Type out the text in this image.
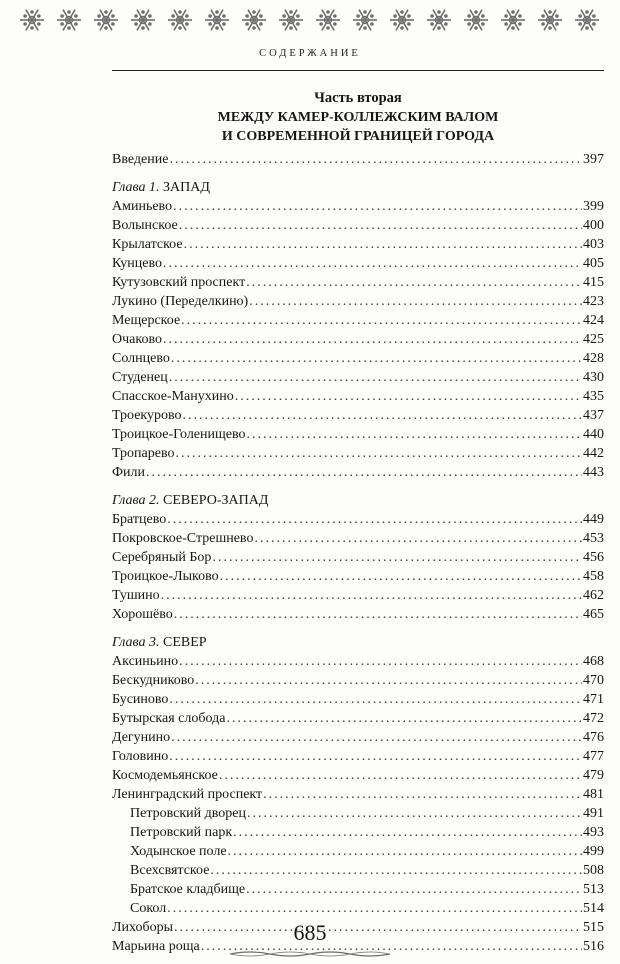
СОДЕРЖАНИЕ
Часть вторая
МЕЖДУ КАМЕР-КОЛЛЕЖСКИМ ВАЛОМ
И СОВРЕМЕННОЙ ГРАНИЦЕЙ ГОРОДА
Введение .....	397
Глава 1. ЗАПАД
Аминьево .....	399
Волынское .....	400
Крылатское .....	403
Кунцево .....	405
Кутузовский проспект .....	415
Лукино (Переделкино) .....	423
Мещерское .....	424
Очаково .....	425
Солнцево .....	428
Студенец .....	430
Спасское-Манухино .....	435
Троекурово .....	437
Троицкое-Голенищево .....	440
Тропарево .....	442
Фили .....	443
Глава 2. СЕВЕРО-ЗАПАД
Братцево .....	449
Покровское-Стрешнево .....	453
Серебряный Бор .....	456
Троицкое-Лыково .....	458
Тушино .....	462
Хорошёво .....	465
Глава 3. СЕВЕР
Аксиньино .....	468
Бескудниково .....	470
Бусиново .....	471
Бутырская слобода .....	472
Дегунино .....	476
Головино .....	477
Космодемьянское .....	479
Ленинградский проспект .....	481
Петровский дворец .....	491
Петровский парк .....	493
Ходынское поле .....	499
Всехсвятское .....	508
Братское кладбище .....	513
Сокол .....	514
Лихоборы .....	515
Марьина роща .....	516
685
